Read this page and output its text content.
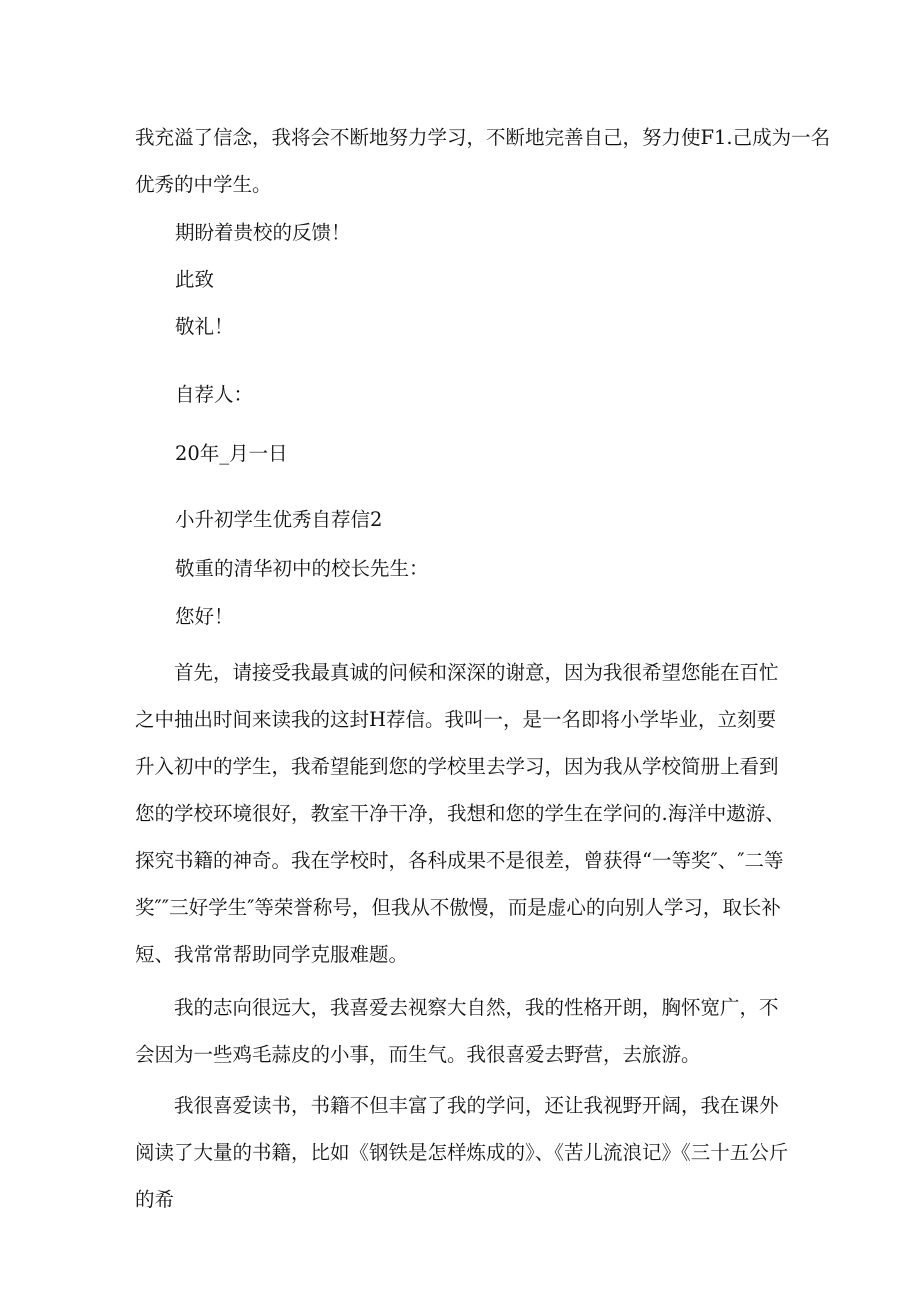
我充溢了信念，我将会不断地努力学习，不断地完善自己，努力使F1.己成为一名

优秀的中学生。

期盼着贵校的反馈！

此致

敬礼！

自荐人：

20年_月一日

小升初学生优秀自荐信2

敬重的清华初中的校长先生：

您好！

首先，请接受我最真诚的问候和深深的谢意，因为我很希望您能在百忙之中抽出时间来读我的这封H荐信。我叫一，是一名即将小学毕业，立刻要升入初中的学生，我希望能到您的学校里去学习，因为我从学校简册上看到您的学校环境很好，教室干净干净，我想和您的学生在学问的.海洋中遨游、探究书籍的神奇。我在学校时，各科成果不是很差，曾获得“一等奖″、″二等奖″″三好学生″等荣誉称号，但我从不傲慢，而是虚心的向别人学习，取长补短、我常常帮助同学克服难题。

我的志向很远大，我喜爱去视察大自然，我的性格开朗，胸怀宽广，不会因为一些鸡毛蒜皮的小事，而生气。我很喜爱去野营，去旅游。

我很喜爱读书，书籍不但丰富了我的学问，还让我视野开阔，我在课外阅读了大量的书籍，比如《钢铁是怎样炼成的》、《苦儿流浪记》《三十五公斤的希
